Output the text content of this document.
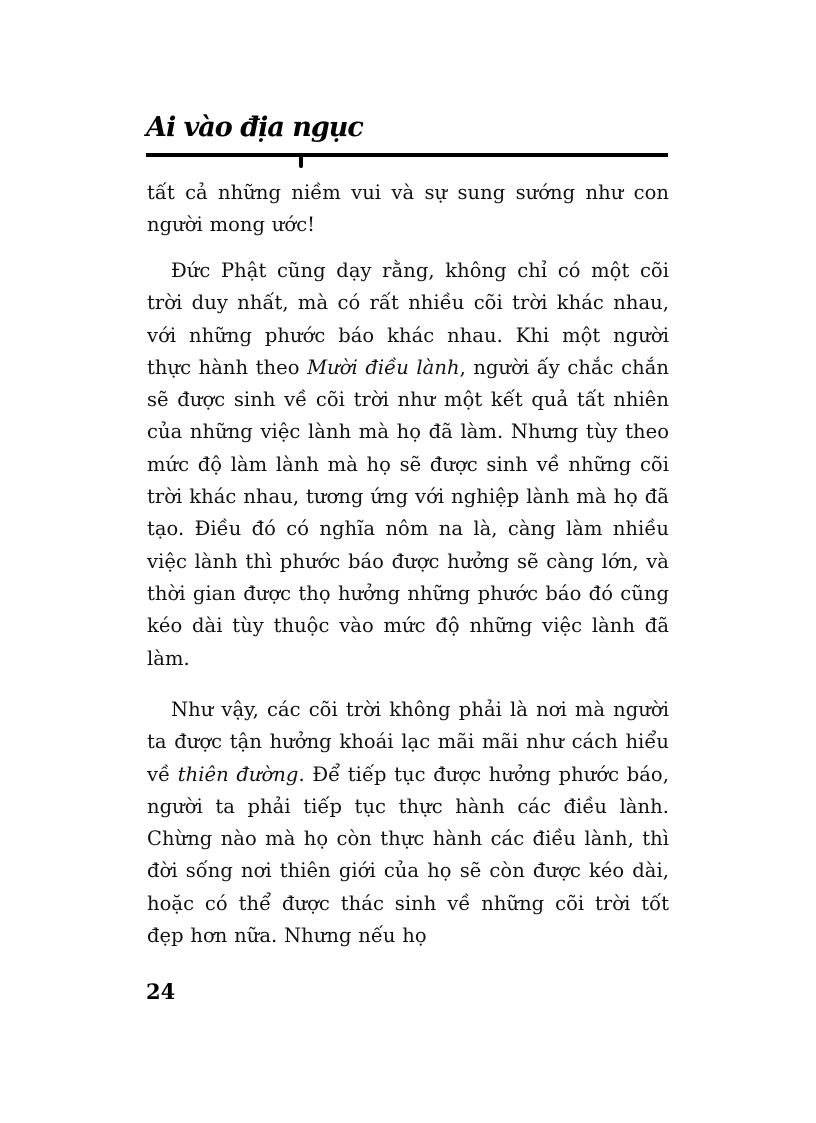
Ai vào địa ngục

tất cả những niềm vui và sự sung sướng như con người mong ước!

Đức Phật cũng dạy rằng, không chỉ có một cõi trời duy nhất, mà có rất nhiều cõi trời khác nhau, với những phước báo khác nhau. Khi một người thực hành theo Mười điều lành, người ấy chắc chắn sẽ được sinh về cõi trời như một kết quả tất nhiên của những việc lành mà họ đã làm. Nhưng tùy theo mức độ làm lành mà họ sẽ được sinh về những cõi trời khác nhau, tương ứng với nghiệp lành mà họ đã tạo. Điều đó có nghĩa nôm na là, càng làm nhiều việc lành thì phước báo được hưởng sẽ càng lớn, và thời gian được thọ hưởng những phước báo đó cũng kéo dài tùy thuộc vào mức độ những việc lành đã làm.

Như vậy, các cõi trời không phải là nơi mà người ta được tận hưởng khoái lạc mãi mãi như cách hiểu về thiên đường. Để tiếp tục được hưởng phước báo, người ta phải tiếp tục thực hành các điều lành. Chừng nào mà họ còn thực hành các điều lành, thì đời sống nơi thiên giới của họ sẽ còn được kéo dài, hoặc có thể được thác sinh về những cõi trời tốt đẹp hơn nữa. Nhưng nếu họ

24
